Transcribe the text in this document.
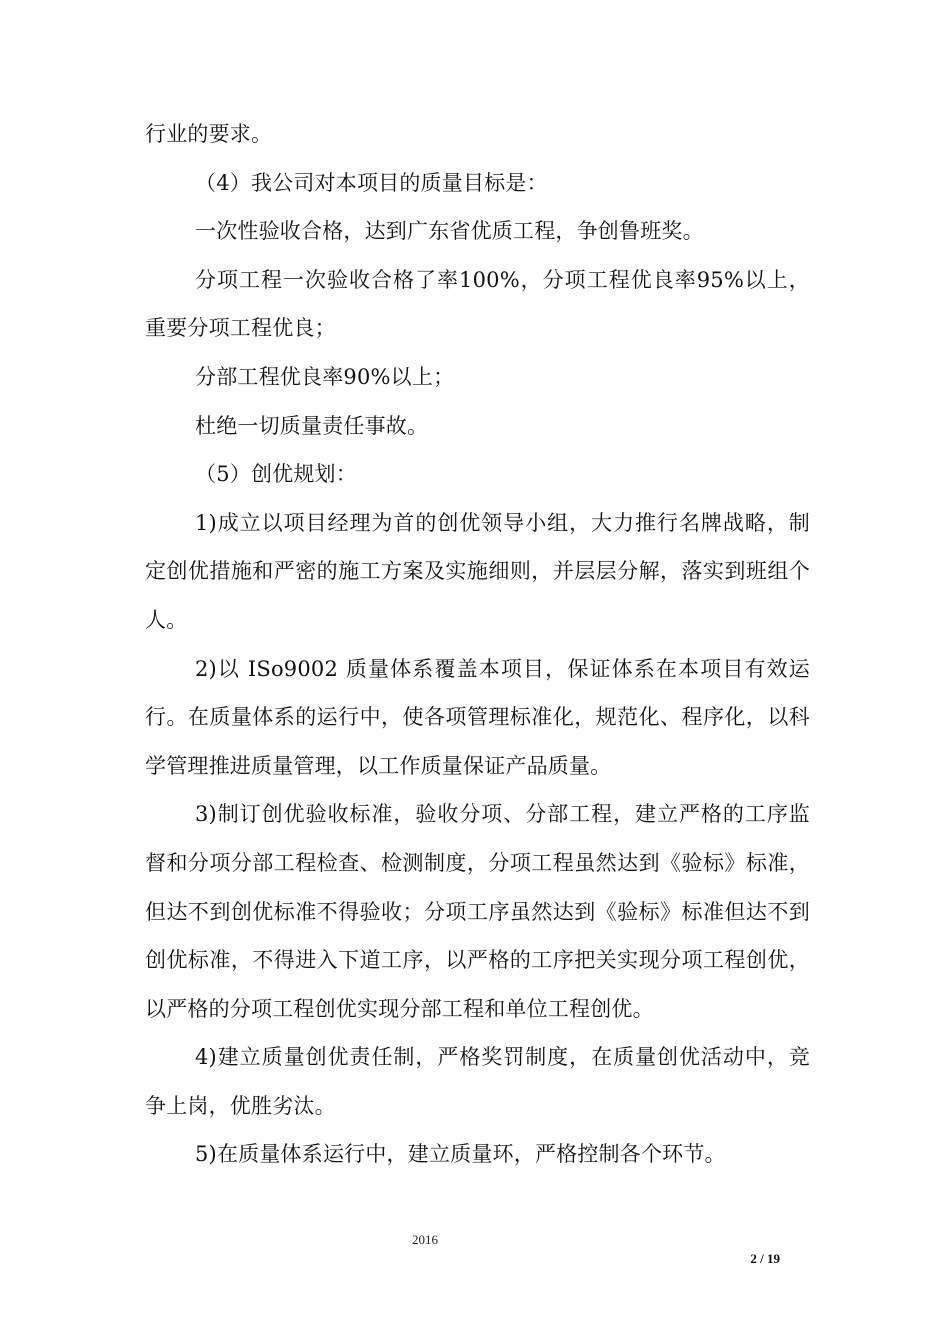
行业的要求。

（4）我公司对本项目的质量目标是：

一次性验收合格，达到广东省优质工程，争创鲁班奖。

分项工程一次验收合格了率100%，分项工程优良率95%以上，重要分项工程优良；

分部工程优良率90%以上；

杜绝一切质量责任事故。

（5）创优规划：

1)成立以项目经理为首的创优领导小组，大力推行名牌战略，制定创优措施和严密的施工方案及实施细则，并层层分解，落实到班组个人。

2)以 ISo9002 质量体系覆盖本项目，保证体系在本项目有效运行。在质量体系的运行中，使各项管理标准化，规范化、程序化，以科学管理推进质量管理，以工作质量保证产品质量。

3)制订创优验收标准，验收分项、分部工程，建立严格的工序监督和分项分部工程检查、检测制度，分项工程虽然达到《验标》标准，但达不到创优标准不得验收；分项工序虽然达到《验标》标准但达不到创优标准，不得进入下道工序，以严格的工序把关实现分项工程创优，以严格的分项工程创优实现分部工程和单位工程创优。

4)建立质量创优责任制，严格奖罚制度，在质量创优活动中，竞争上岗，优胜劣汰。

5)在质量体系运行中，建立质量环，严格控制各个环节。

2016
2 / 19
